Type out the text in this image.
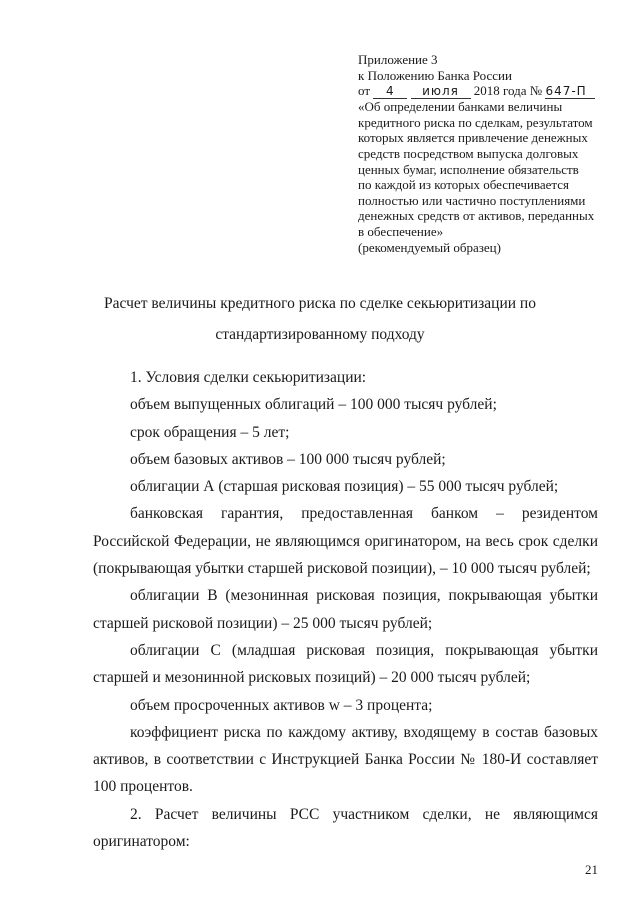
Приложение 3
к Положению Банка России
от 4 июля 2018 года № 647-П
«Об определении банками величины
кредитного риска по сделкам, результатом
которых является привлечение денежных
средств посредством выпуска долговых
ценных бумаг, исполнение обязательств
по каждой из которых обеспечивается
полностью или частично поступлениями
денежных средств от активов, переданных
в обеспечение»
(рекомендуемый образец)
Расчет величины кредитного риска по сделке секьюритизации по
стандартизированному подходу

1. Условия сделки секьюритизации:

объем выпущенных облигаций – 100 000 тысяч рублей;

срок обращения – 5 лет;

объем базовых активов – 100 000 тысяч рублей;

облигации А (старшая рисковая позиция) – 55 000 тысяч рублей;

банковская гарантия, предоставленная банком – резидентом Российской Федерации, не являющимся оригинатором, на весь срок сделки (покрывающая убытки старшей рисковой позиции), – 10 000 тысяч рублей;

облигации В (мезонинная рисковая позиция, покрывающая убытки старшей рисковой позиции) – 25 000 тысяч рублей;

облигации С (младшая рисковая позиция, покрывающая убытки старшей и мезонинной рисковых позиций) – 20 000 тысяч рублей;

объем просроченных активов w – 3 процента;

коэффициент риска по каждому активу, входящему в состав базовых активов, в соответствии с Инструкцией Банка России № 180-И составляет 100 процентов.

2. Расчет величины РСС участником сделки, не являющимся оригинатором:

21
